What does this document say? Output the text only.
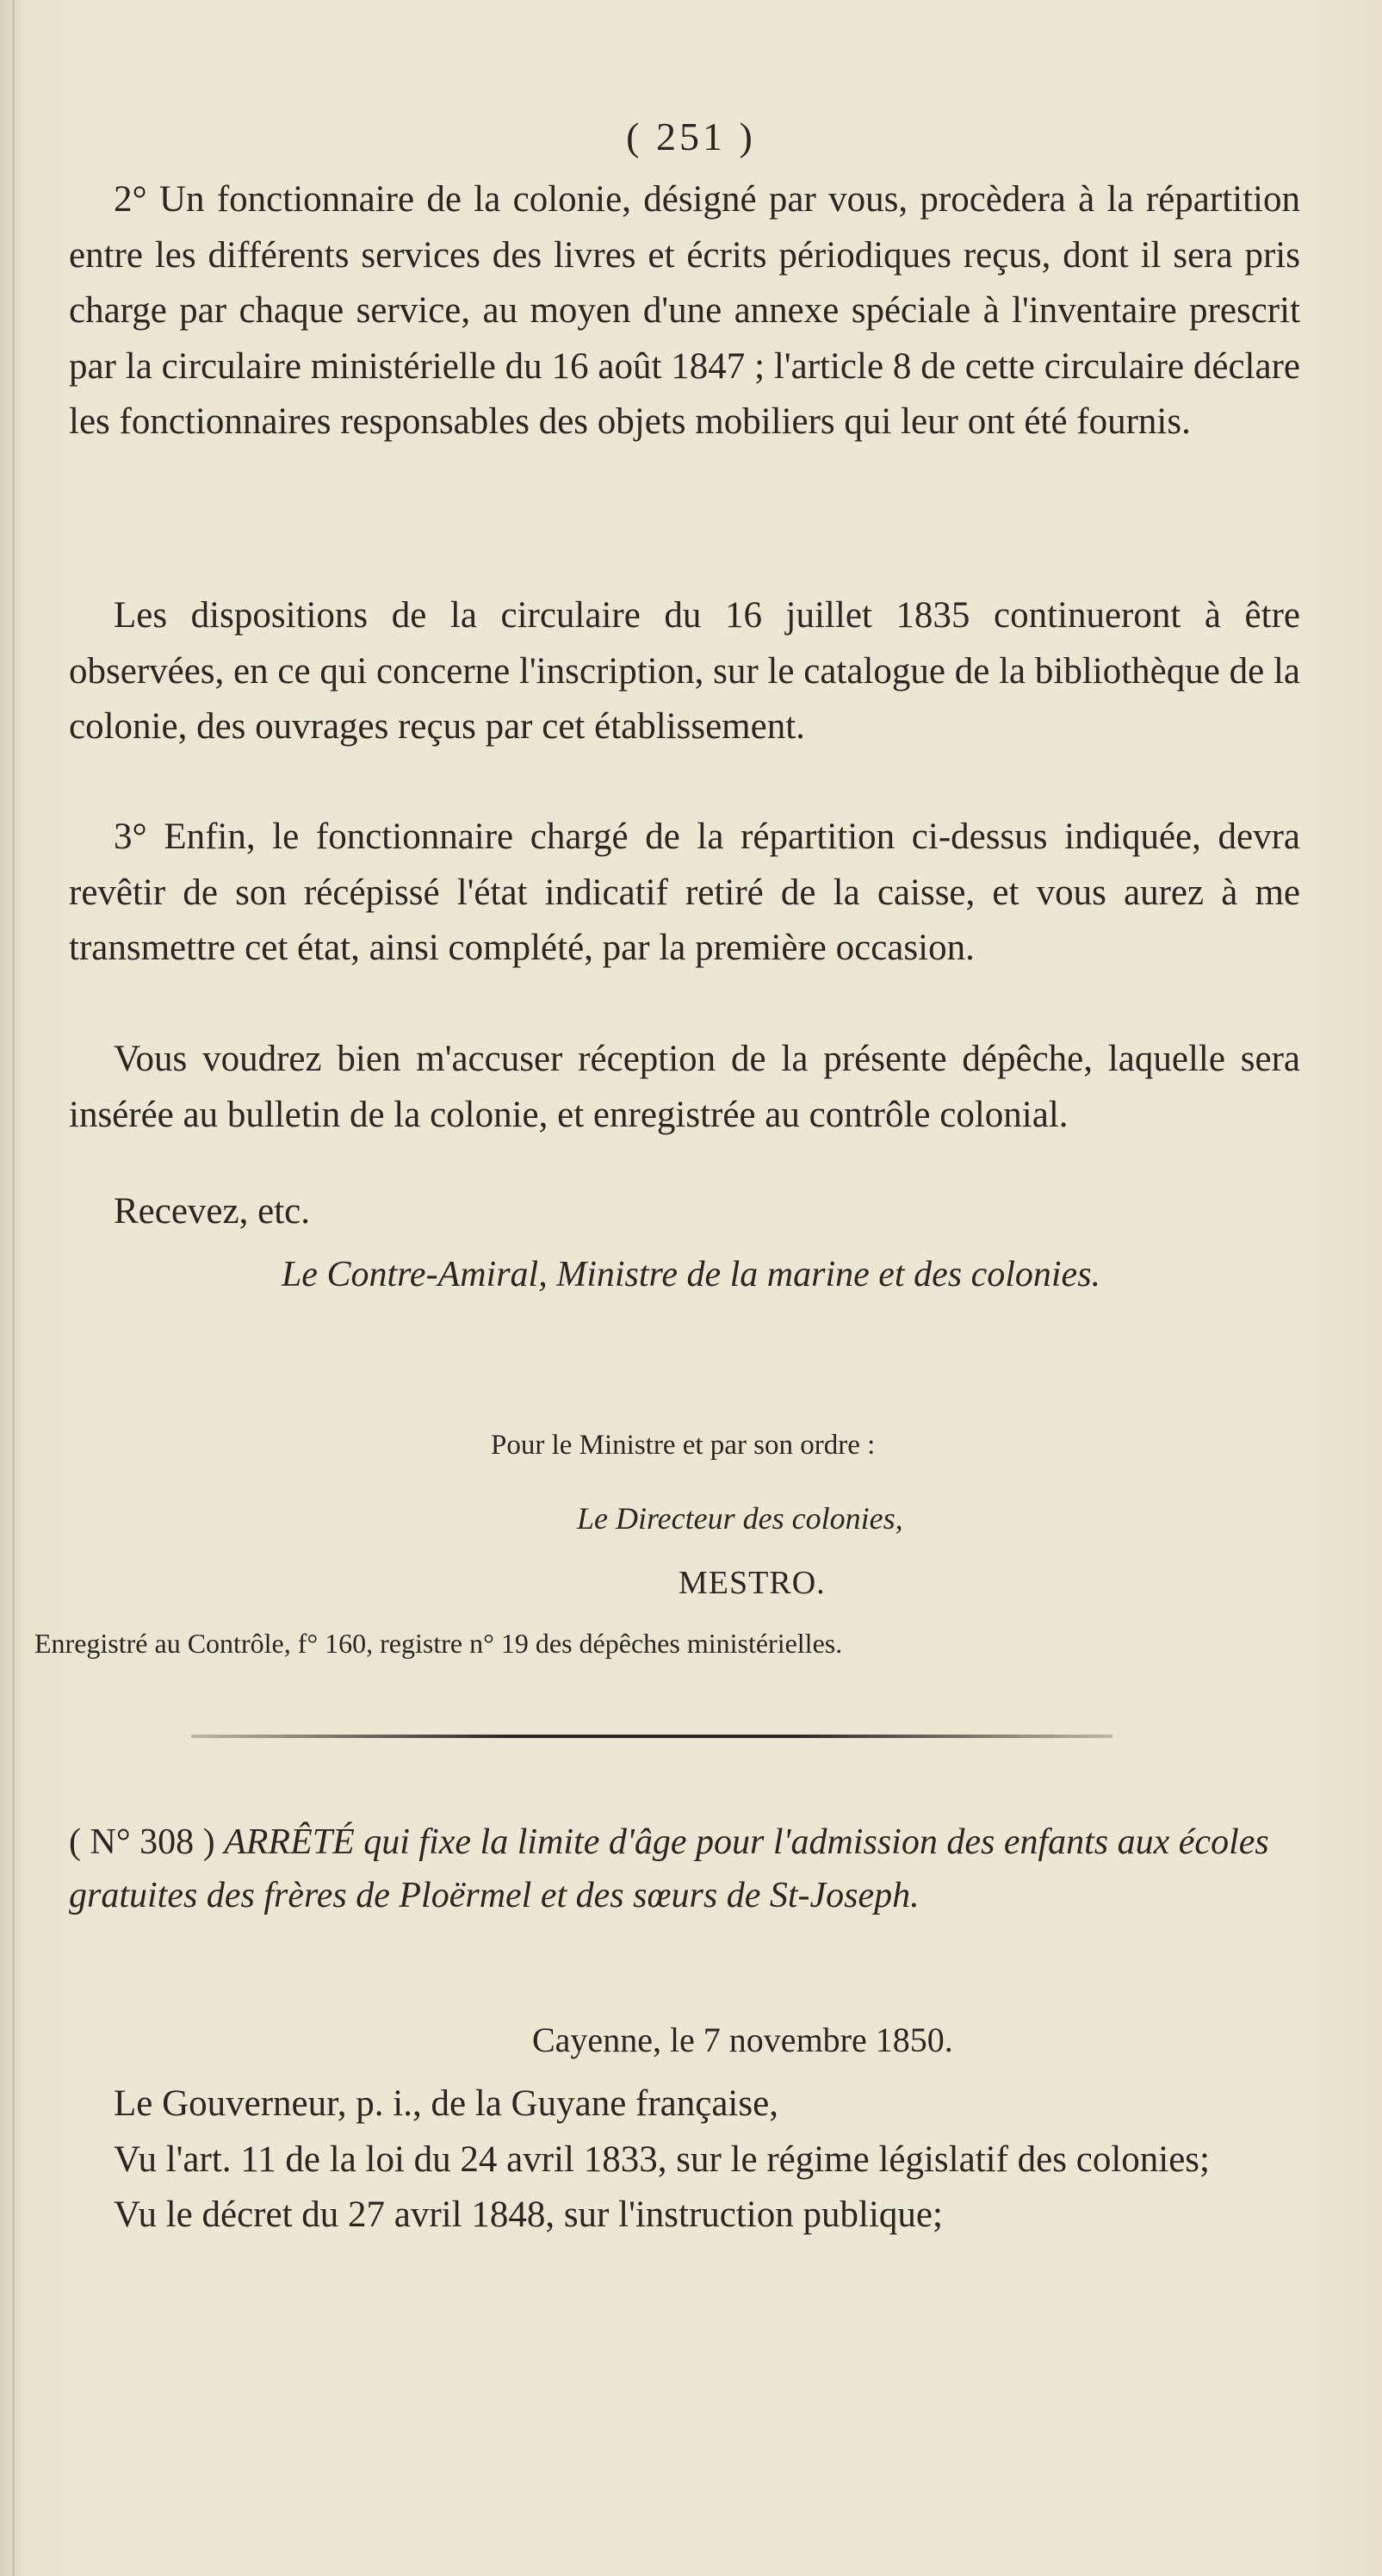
( 251 )

2° Un fonctionnaire de la colonie, désigné par vous, procèdera à la répartition entre les différents services des livres et écrits périodiques reçus, dont il sera pris charge par chaque service, au moyen d'une annexe spéciale à l'inventaire prescrit par la circulaire ministérielle du 16 août 1847 ; l'article 8 de cette circulaire déclare les fonctionnaires responsables des objets mobiliers qui leur ont été fournis.

Les dispositions de la circulaire du 16 juillet 1835 continueront à être observées, en ce qui concerne l'inscription, sur le catalogue de la bibliothèque de la colonie, des ouvrages reçus par cet établissement.

3° Enfin, le fonctionnaire chargé de la répartition ci-dessus indiquée, devra revêtir de son récépissé l'état indicatif retiré de la caisse, et vous aurez à me transmettre cet état, ainsi complété, par la première occasion.

Vous voudrez bien m'accuser réception de la présente dépêche, laquelle sera insérée au bulletin de la colonie, et enregistrée au contrôle colonial.

Recevez, etc.
Le Contre-Amiral, Ministre de la marine et des colonies.
Pour le Ministre et par son ordre :
Le Directeur des colonies,
MESTRO.
Enregistré au Contrôle, f° 160, registre n° 19 des dépêches ministérielles.
( N° 308 ) ARRÊTÉ qui fixe la limite d'âge pour l'admission des enfants aux écoles gratuites des frères de Ploërmel et des sœurs de St-Joseph.
Cayenne, le 7 novembre 1850.

Le Gouverneur, p. i., de la Guyane française,

Vu l'art. 11 de la loi du 24 avril 1833, sur le régime législatif des colonies;

Vu le décret du 27 avril 1848, sur l'instruction publique;
